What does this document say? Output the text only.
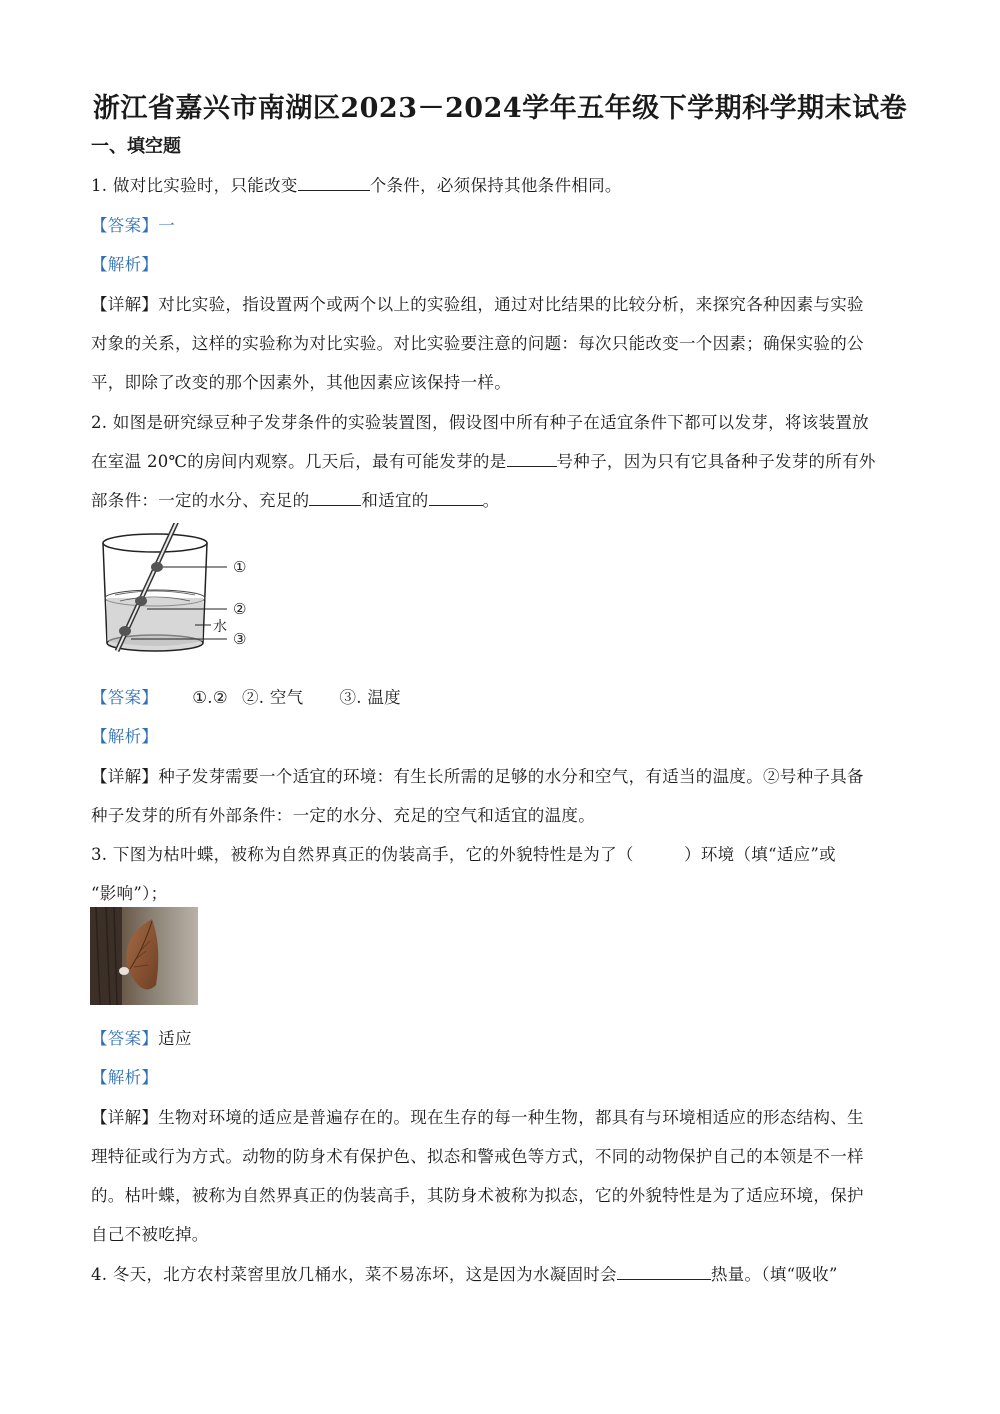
浙江省嘉兴市南湖区2023－2024学年五年级下学期科学期末试卷
一、填空题
1. 做对比实验时，只能改变	个条件，必须保持其他条件相同。
【答案】一
【解析】
【详解】对比实验，指设置两个或两个以上的实验组，通过对比结果的比较分析，来探究各种因素与实验
对象的关系，这样的实验称为对比实验。对比实验要注意的问题：每次只能改变一个因素；确保实验的公
平，即除了改变的那个因素外，其他因素应该保持一样。
2. 如图是研究绿豆种子发芽条件的实验装置图，假设图中所有种子在适宜条件下都可以发芽，将该装置放
在室温 20℃的房间内观察。几天后，最有可能发芽的是	号种子，因为只有它具备种子发芽的所有外
部条件：一定的水分、充足的	和适宜的	。
①
②
水
③
【答案】 ①.② ②. 空气 ③. 温度
【解析】
【详解】种子发芽需要一个适宜的环境：有生长所需的足够的水分和空气，有适当的温度。②号种子具备
种子发芽的所有外部条件：一定的水分、充足的空气和适宜的温度。
3. 下图为枯叶蝶，被称为自然界真正的伪装高手，它的外貌特性是为了（　　　）环境（填“适应”或
“影响”）；
【答案】适应
【解析】
【详解】生物对环境的适应是普遍存在的。现在生存的每一种生物，都具有与环境相适应的形态结构、生
理特征或行为方式。动物的防身术有保护色、拟态和警戒色等方式，不同的动物保护自己的本领是不一样
的。枯叶蝶，被称为自然界真正的伪装高手，其防身术被称为拟态，它的外貌特性是为了适应环境，保护
自己不被吃掉。
4. 冬天，北方农村菜窖里放几桶水，菜不易冻坏，这是因为水凝固时会	热量。（填“吸收”
